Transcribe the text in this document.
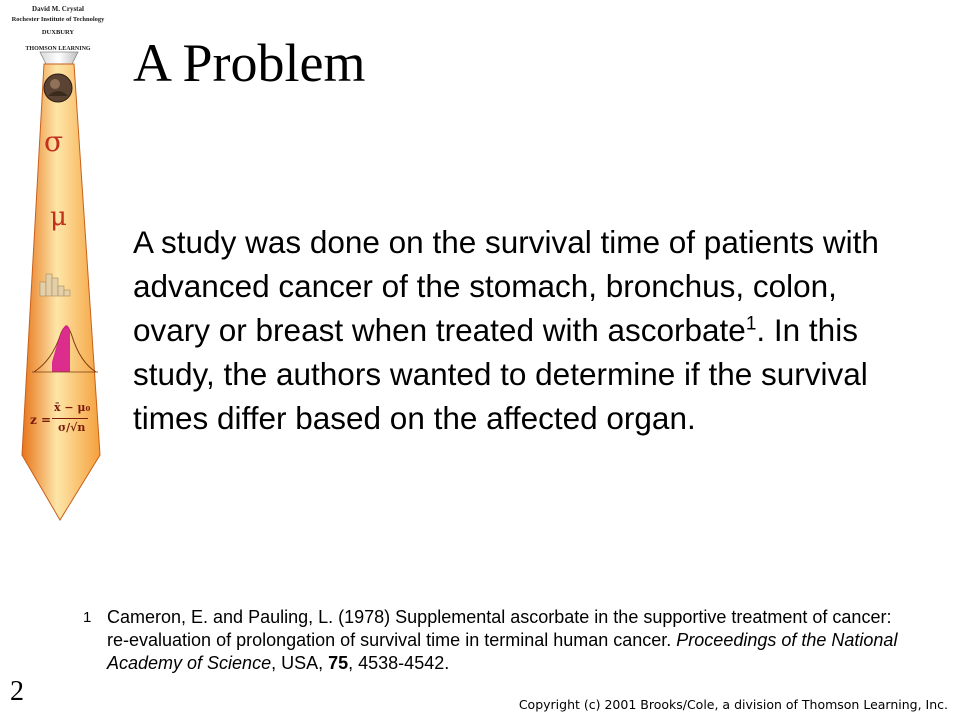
David M. Crystal
Rochester Institute of Technology
DUXBURY
THOMSON LEARNING
σ
μ
z =
x̄ − μ₀
σ/√n
A Problem

A study was done on the survival time of patients with advanced cancer of the stomach, bronchus, colon, ovary or breast when treated with ascorbate$^1$. In this study, the authors wanted to determine if the survival times differ based on the affected organ.

1 Cameron, E. and Pauling, L. (1978) Supplemental ascorbate in the supportive treatment of cancer: re-evaluation of prolongation of survival time in terminal human cancer. Proceedings of the National Academy of Science, USA, 75, 4538-4542.

2	Copyright (c) 2001 Brooks/Cole, a division of Thomson Learning, Inc.
